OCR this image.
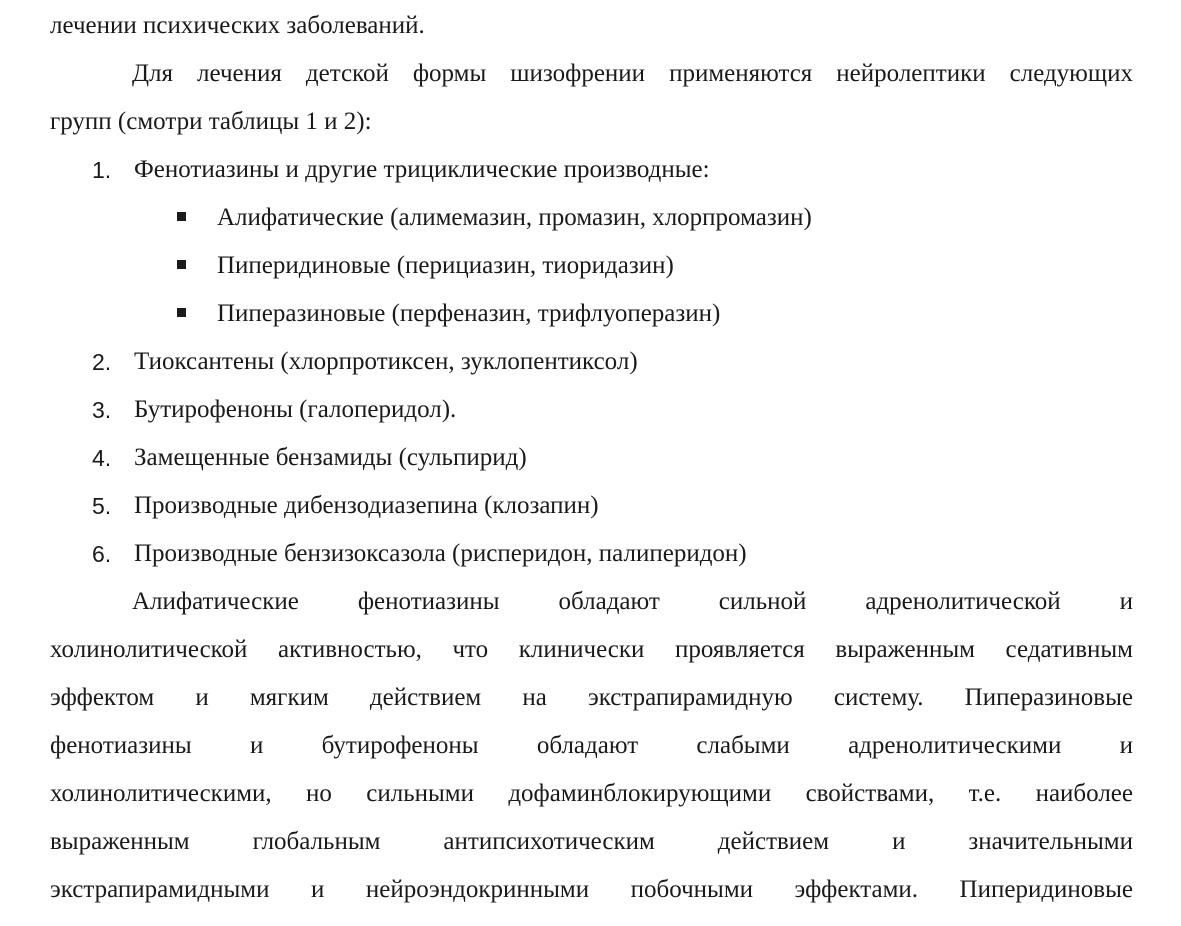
лечении психических заболеваний.
Для лечения детской формы шизофрении применяются нейролептики следующих
групп (смотри таблицы 1 и 2):
1. Фенотиазины и другие трициклические производные:
Алифатические (алимемазин, промазин, хлорпромазин)
Пиперидиновые (перициазин, тиоридазин)
Пиперазиновые (перфеназин, трифлуоперазин)
2. Тиоксантены (хлорпротиксен, зуклопентиксол)
3. Бутирофеноны (галоперидол).
4. Замещенные бензамиды (сульпирид)
5. Производные дибензодиазепина (клозапин)
6. Производные бензизоксазола (рисперидон, палиперидон)
Алифатические фенотиазины обладают сильной адренолитической и
холинолитической активностью, что клинически проявляется выраженным седативным
эффектом и мягким действием на экстрапирамидную систему. Пиперазиновые
фенотиазины и бутирофеноны обладают слабыми адренолитическими и
холинолитическими, но сильными дофаминблокирующими свойствами, т.е. наиболее
выраженным глобальным антипсихотическим действием и значительными
экстрапирамидными и нейроэндокринными побочными эффектами. Пиперидиновые
